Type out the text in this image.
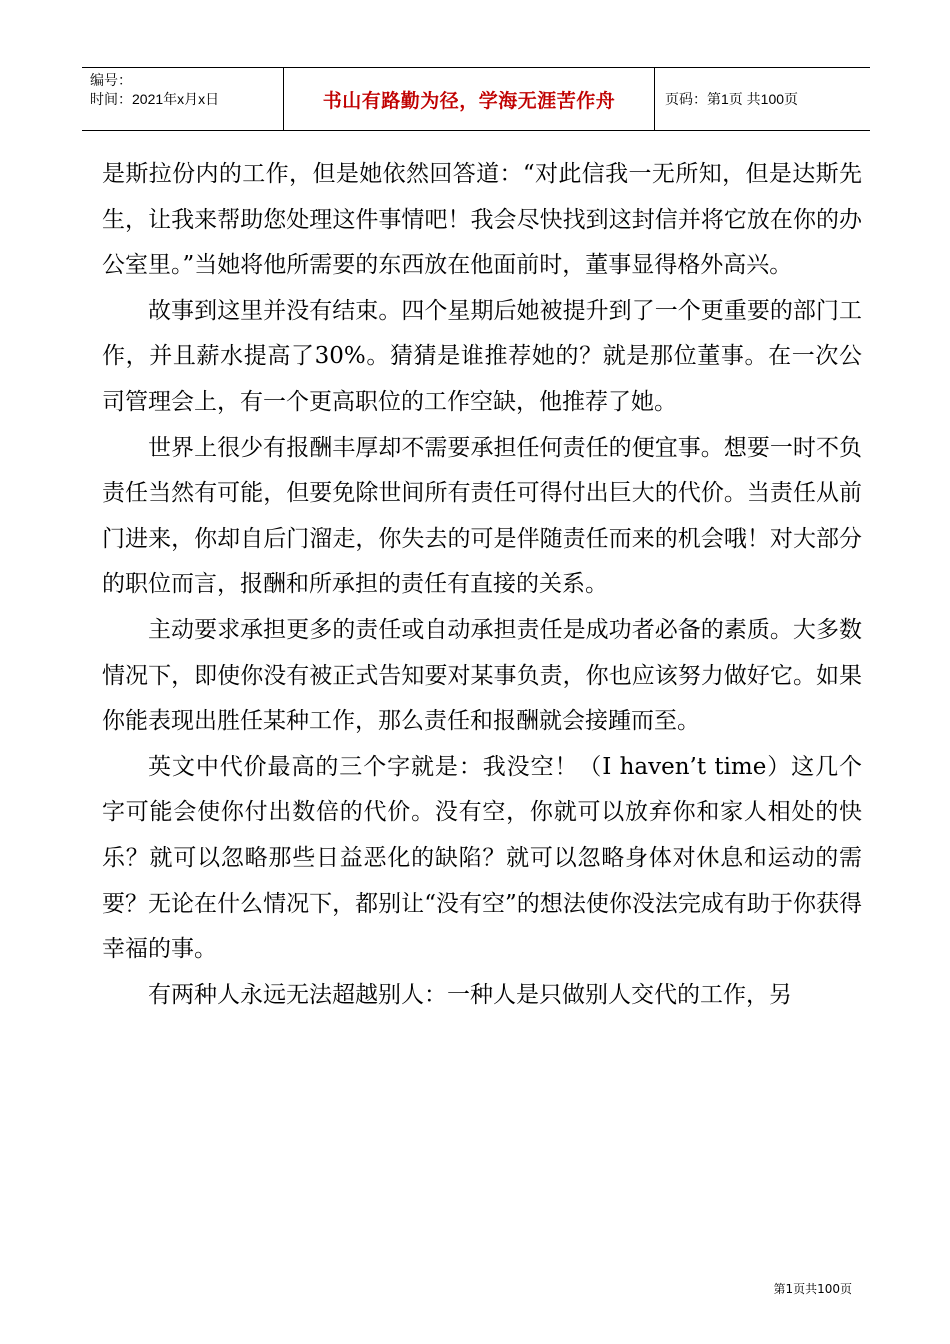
编号：
时间：2021年x月x日	书山有路勤为径，学海无涯苦作舟	页码：第1页 共100页

是斯拉份内的工作，但是她依然回答道：“对此信我一无所知，但是达斯先生，让我来帮助您处理这件事情吧！我会尽快找到这封信并将它放在你的办公室里。”当她将他所需要的东西放在他面前时，董事显得格外高兴。

故事到这里并没有结束。四个星期后她被提升到了一个更重要的部门工作，并且薪水提高了30%。猜猜是谁推荐她的？就是那位董事。在一次公司管理会上，有一个更高职位的工作空缺，他推荐了她。

世界上很少有报酬丰厚却不需要承担任何责任的便宜事。想要一时不负责任当然有可能，但要免除世间所有责任可得付出巨大的代价。当责任从前门进来，你却自后门溜走，你失去的可是伴随责任而来的机会哦！对大部分的职位而言，报酬和所承担的责任有直接的关系。

主动要求承担更多的责任或自动承担责任是成功者必备的素质。大多数情况下，即使你没有被正式告知要对某事负责，你也应该努力做好它。如果你能表现出胜任某种工作，那么责任和报酬就会接踵而至。

英文中代价最高的三个字就是：我没空！（I haven’t time）这几个字可能会使你付出数倍的代价。没有空，你就可以放弃你和家人相处的快乐？就可以忽略那些日益恶化的缺陷？就可以忽略身体对休息和运动的需要？无论在什么情况下，都别让“没有空”的想法使你没法完成有助于你获得幸福的事。

有两种人永远无法超越别人：一种人是只做别人交代的工作，另

第1页共100页
